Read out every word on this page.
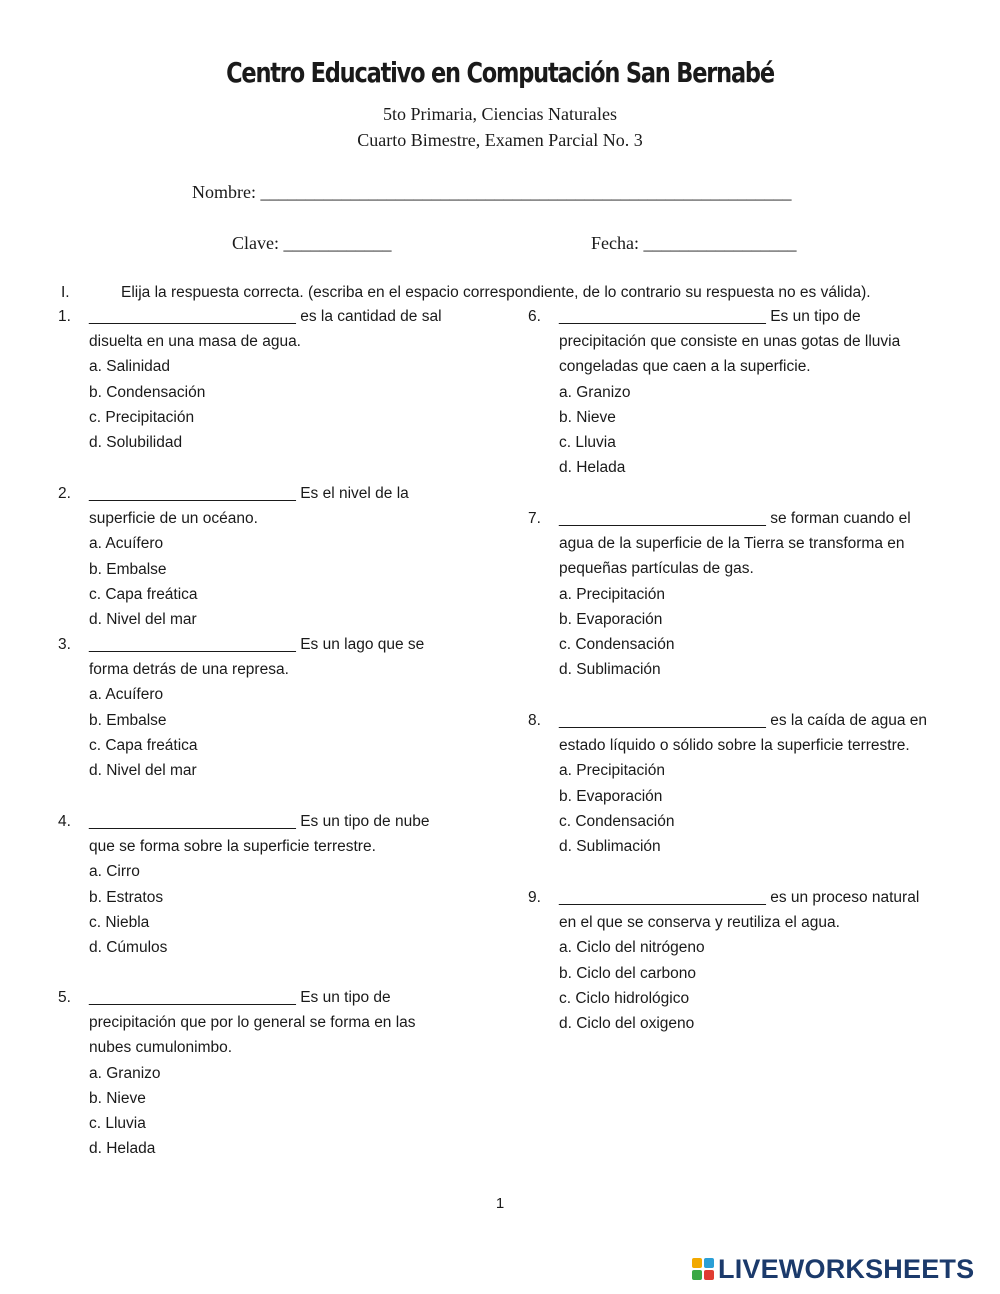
Centro Educativo en Computación San Bernabé
5to Primaria, Ciencias Naturales
Cuarto Bimestre, Examen Parcial No. 3
Nombre: ___________________________________________________________
Clave: ____________	Fecha: _________________
I.	Elija la respuesta correcta. (escriba en el espacio correspondiente, de lo contrario su respuesta no es válida).
1. ________________________ es la cantidad de sal
disuelta en una masa de agua.
a. Salinidad
b. Condensación
c. Precipitación
d. Solubilidad
2. ________________________ Es el nivel de la
superficie de un océano.
a. Acuífero
b. Embalse
c. Capa freática
d. Nivel del mar
3. ________________________ Es un lago que se
forma detrás de una represa.
a. Acuífero
b. Embalse
c. Capa freática
d. Nivel del mar
4. ________________________ Es un tipo de nube
que se forma sobre la superficie terrestre.
a. Cirro
b. Estratos
c. Niebla
d. Cúmulos
5. ________________________ Es un tipo de
precipitación que por lo general se forma en las
nubes cumulonimbo.
a. Granizo
b. Nieve
c. Lluvia
d. Helada
6. ________________________ Es un tipo de
precipitación que consiste en unas gotas de lluvia
congeladas que caen a la superficie.
a. Granizo
b. Nieve
c. Lluvia
d. Helada
7. ________________________ se forman cuando el
agua de la superficie de la Tierra se transforma en
pequeñas partículas de gas.
a. Precipitación
b. Evaporación
c. Condensación
d. Sublimación
8. ________________________ es la caída de agua en
estado líquido o sólido sobre la superficie terrestre.
a. Precipitación
b. Evaporación
c. Condensación
d. Sublimación
9. ________________________ es un proceso natural
en el que se conserva y reutiliza el agua.
a. Ciclo del nitrógeno
b. Ciclo del carbono
c. Ciclo hidrológico
d. Ciclo del oxigeno
1
LIVEWORKSHEETS
